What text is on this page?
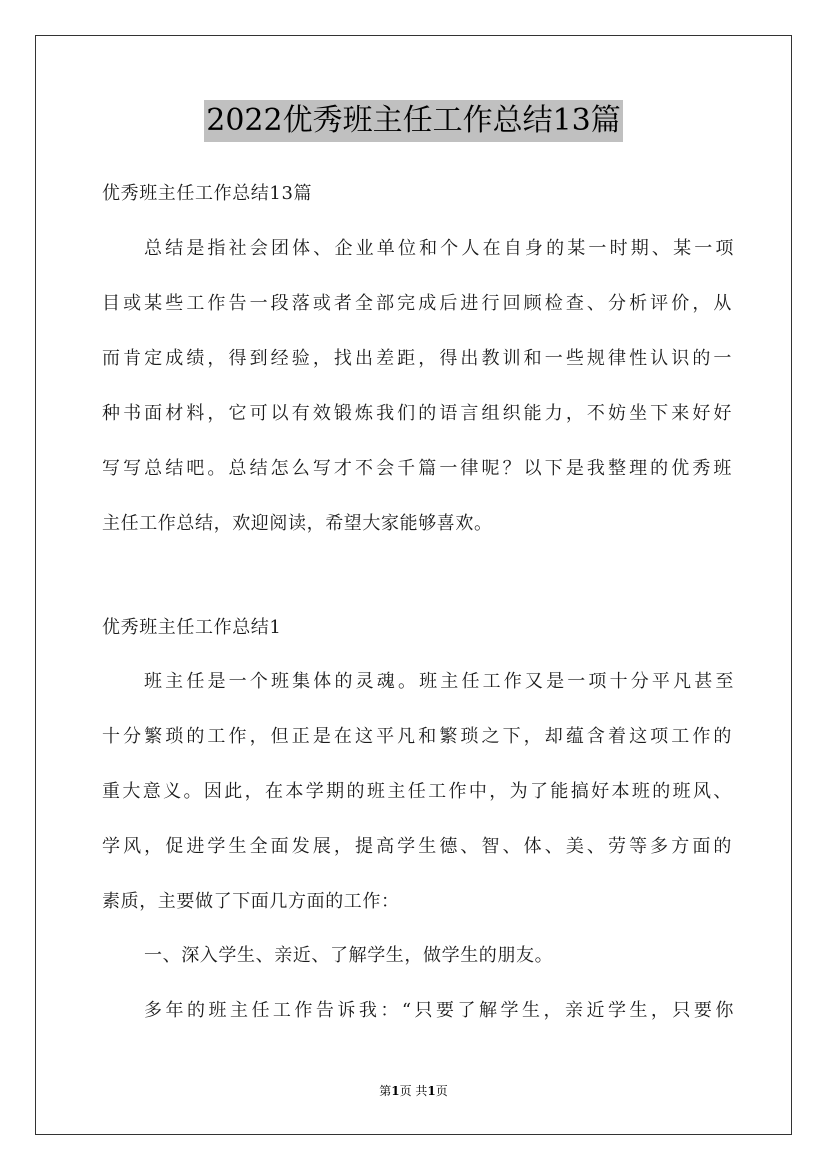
2022优秀班主任工作总结13篇
优秀班主任工作总结13篇
总结是指社会团体、企业单位和个人在自身的某一时期、某一项
目或某些工作告一段落或者全部完成后进行回顾检查、分析评价，从
而肯定成绩，得到经验，找出差距，得出教训和一些规律性认识的一
种书面材料，它可以有效锻炼我们的语言组织能力，不妨坐下来好好
写写总结吧。总结怎么写才不会千篇一律呢？以下是我整理的优秀班
主任工作总结，欢迎阅读，希望大家能够喜欢。
优秀班主任工作总结1
班主任是一个班集体的灵魂。班主任工作又是一项十分平凡甚至
十分繁琐的工作，但正是在这平凡和繁琐之下，却蕴含着这项工作的
重大意义。因此，在本学期的班主任工作中，为了能搞好本班的班风、
学风，促进学生全面发展，提高学生德、智、体、美、劳等多方面的
素质，主要做了下面几方面的工作：
一、深入学生、亲近、了解学生，做学生的朋友。
多年的班主任工作告诉我：“只要了解学生，亲近学生，只要你
第1页 共1页
